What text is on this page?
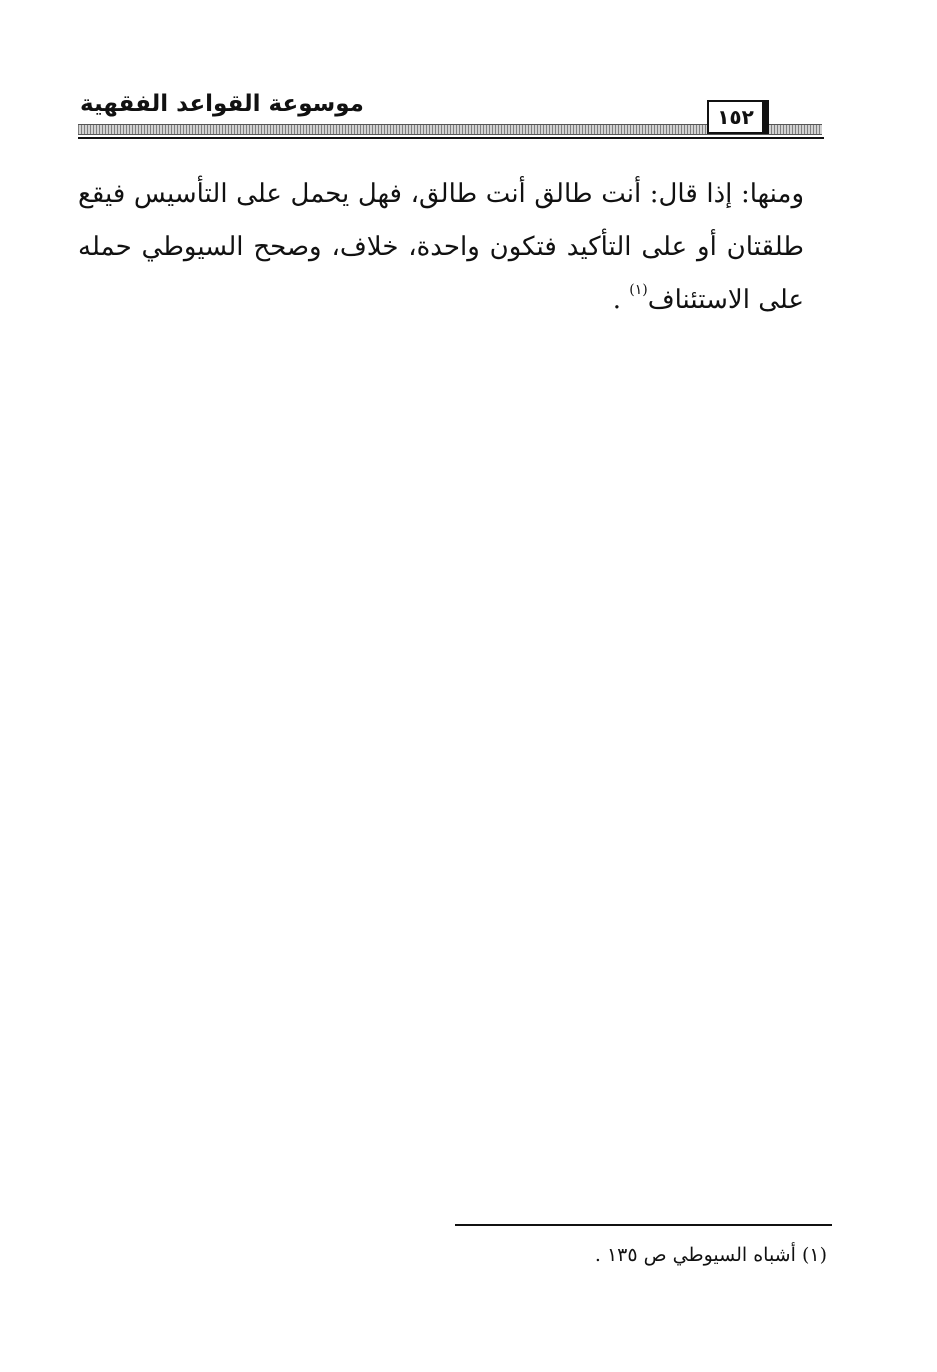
موسوعة القواعد الفقهية	١٥٢

ومنها: إذا قال: أنت طالق أنت طالق، فهل يحمل على التأسيس فيقع طلقتان أو على التأكيد فتكون واحدة، خلاف، وصحح السيوطي حمله على الاستئناف$^{(١)}$ .

(١) أشباه السيوطي ص ١٣٥ .
